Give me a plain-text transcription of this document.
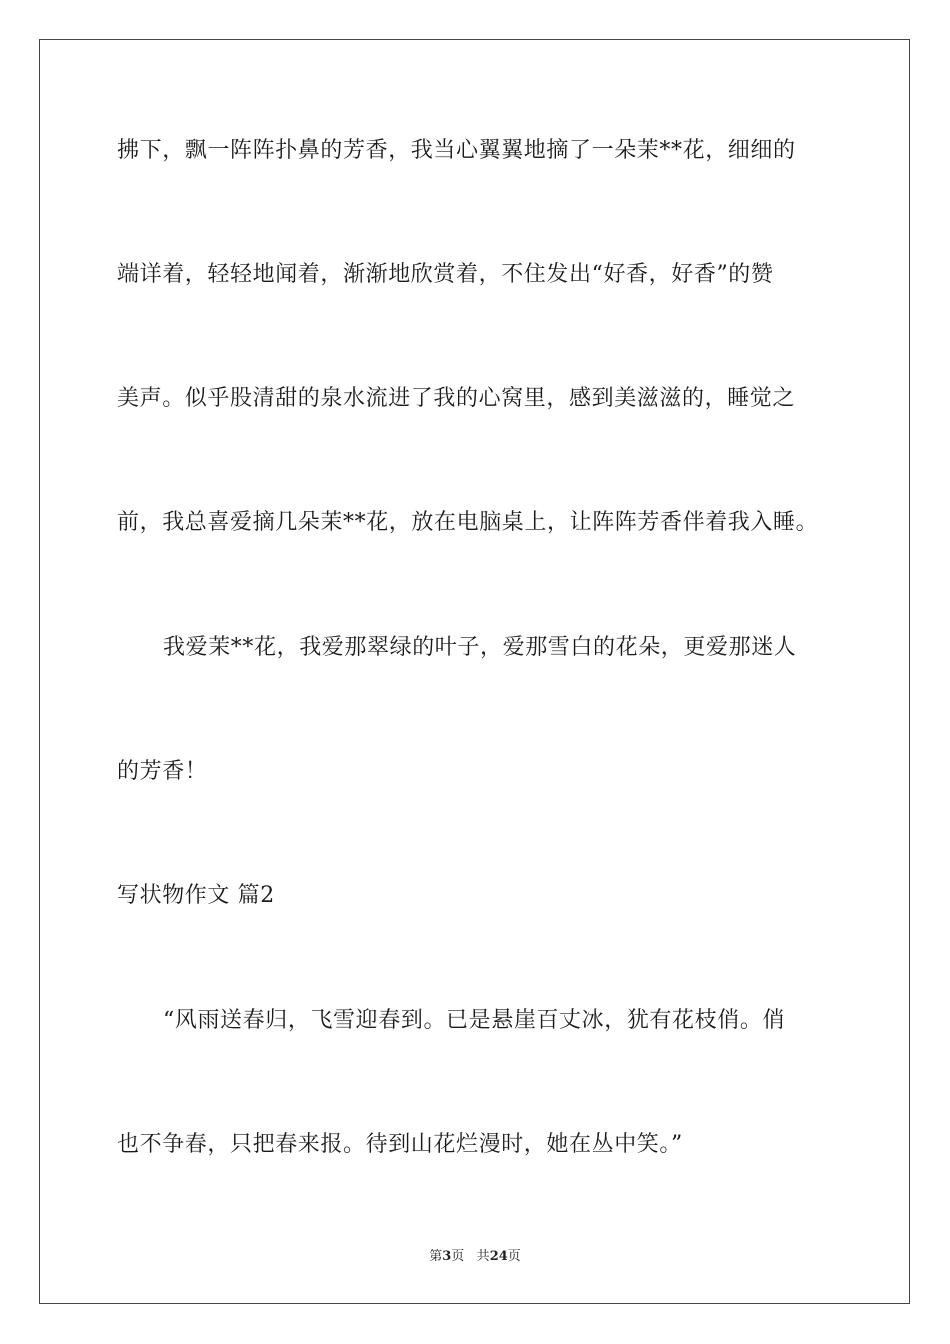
拂下，飘一阵阵扑鼻的芳香，我当心翼翼地摘了一朵茉**花，细细的
端详着，轻轻地闻着，渐渐地欣赏着，不住发出“好香，好香”的赞
美声。似乎股清甜的泉水流进了我的心窝里，感到美滋滋的，睡觉之
前，我总喜爱摘几朵茉**花，放在电脑桌上，让阵阵芳香伴着我入睡。
我爱茉**花，我爱那翠绿的叶子，爱那雪白的花朵，更爱那迷人
的芳香！
写状物作文 篇2
“风雨送春归，飞雪迎春到。已是悬崖百丈冰，犹有花枝俏。俏
也不争春，只把春来报。待到山花烂漫时，她在丛中笑。”
第3页 共24页
